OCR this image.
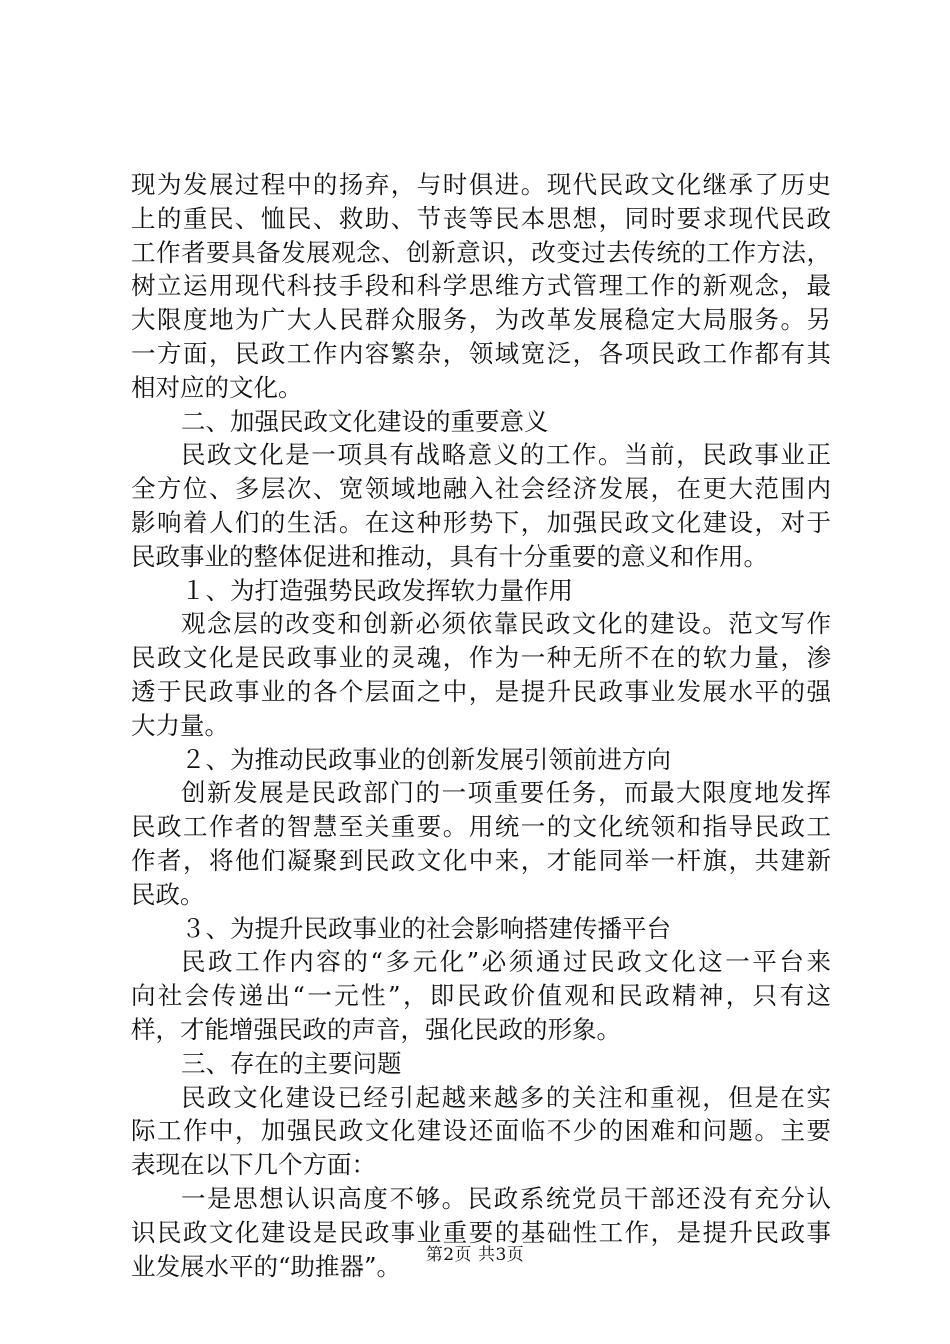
现为发展过程中的扬弃，与时俱进。现代民政文化继承了历史
上的重民、恤民、救助、节丧等民本思想，同时要求现代民政
工作者要具备发展观念、创新意识，改变过去传统的工作方法，
树立运用现代科技手段和科学思维方式管理工作的新观念，最
大限度地为广大人民群众服务，为改革发展稳定大局服务。另
一方面，民政工作内容繁杂，领域宽泛，各项民政工作都有其
相对应的文化。
二、加强民政文化建设的重要意义
民政文化是一项具有战略意义的工作。当前，民政事业正
全方位、多层次、宽领域地融入社会经济发展，在更大范围内
影响着人们的生活。在这种形势下，加强民政文化建设，对于
民政事业的整体促进和推动，具有十分重要的意义和作用。
１、为打造强势民政发挥软力量作用
观念层的改变和创新必须依靠民政文化的建设。范文写作
民政文化是民政事业的灵魂，作为一种无所不在的软力量，渗
透于民政事业的各个层面之中，是提升民政事业发展水平的强
大力量。
２、为推动民政事业的创新发展引领前进方向
创新发展是民政部门的一项重要任务，而最大限度地发挥
民政工作者的智慧至关重要。用统一的文化统领和指导民政工
作者，将他们凝聚到民政文化中来，才能同举一杆旗，共建新
民政。
３、为提升民政事业的社会影响搭建传播平台
民政工作内容的“多元化”必须通过民政文化这一平台来
向社会传递出“一元性”，即民政价值观和民政精神，只有这
样，才能增强民政的声音，强化民政的形象。
三、存在的主要问题
民政文化建设已经引起越来越多的关注和重视，但是在实
际工作中，加强民政文化建设还面临不少的困难和问题。主要
表现在以下几个方面：
一是思想认识高度不够。民政系统党员干部还没有充分认
识民政文化建设是民政事业重要的基础性工作，是提升民政事
业发展水平的“助推器”。	第2页 共3页
